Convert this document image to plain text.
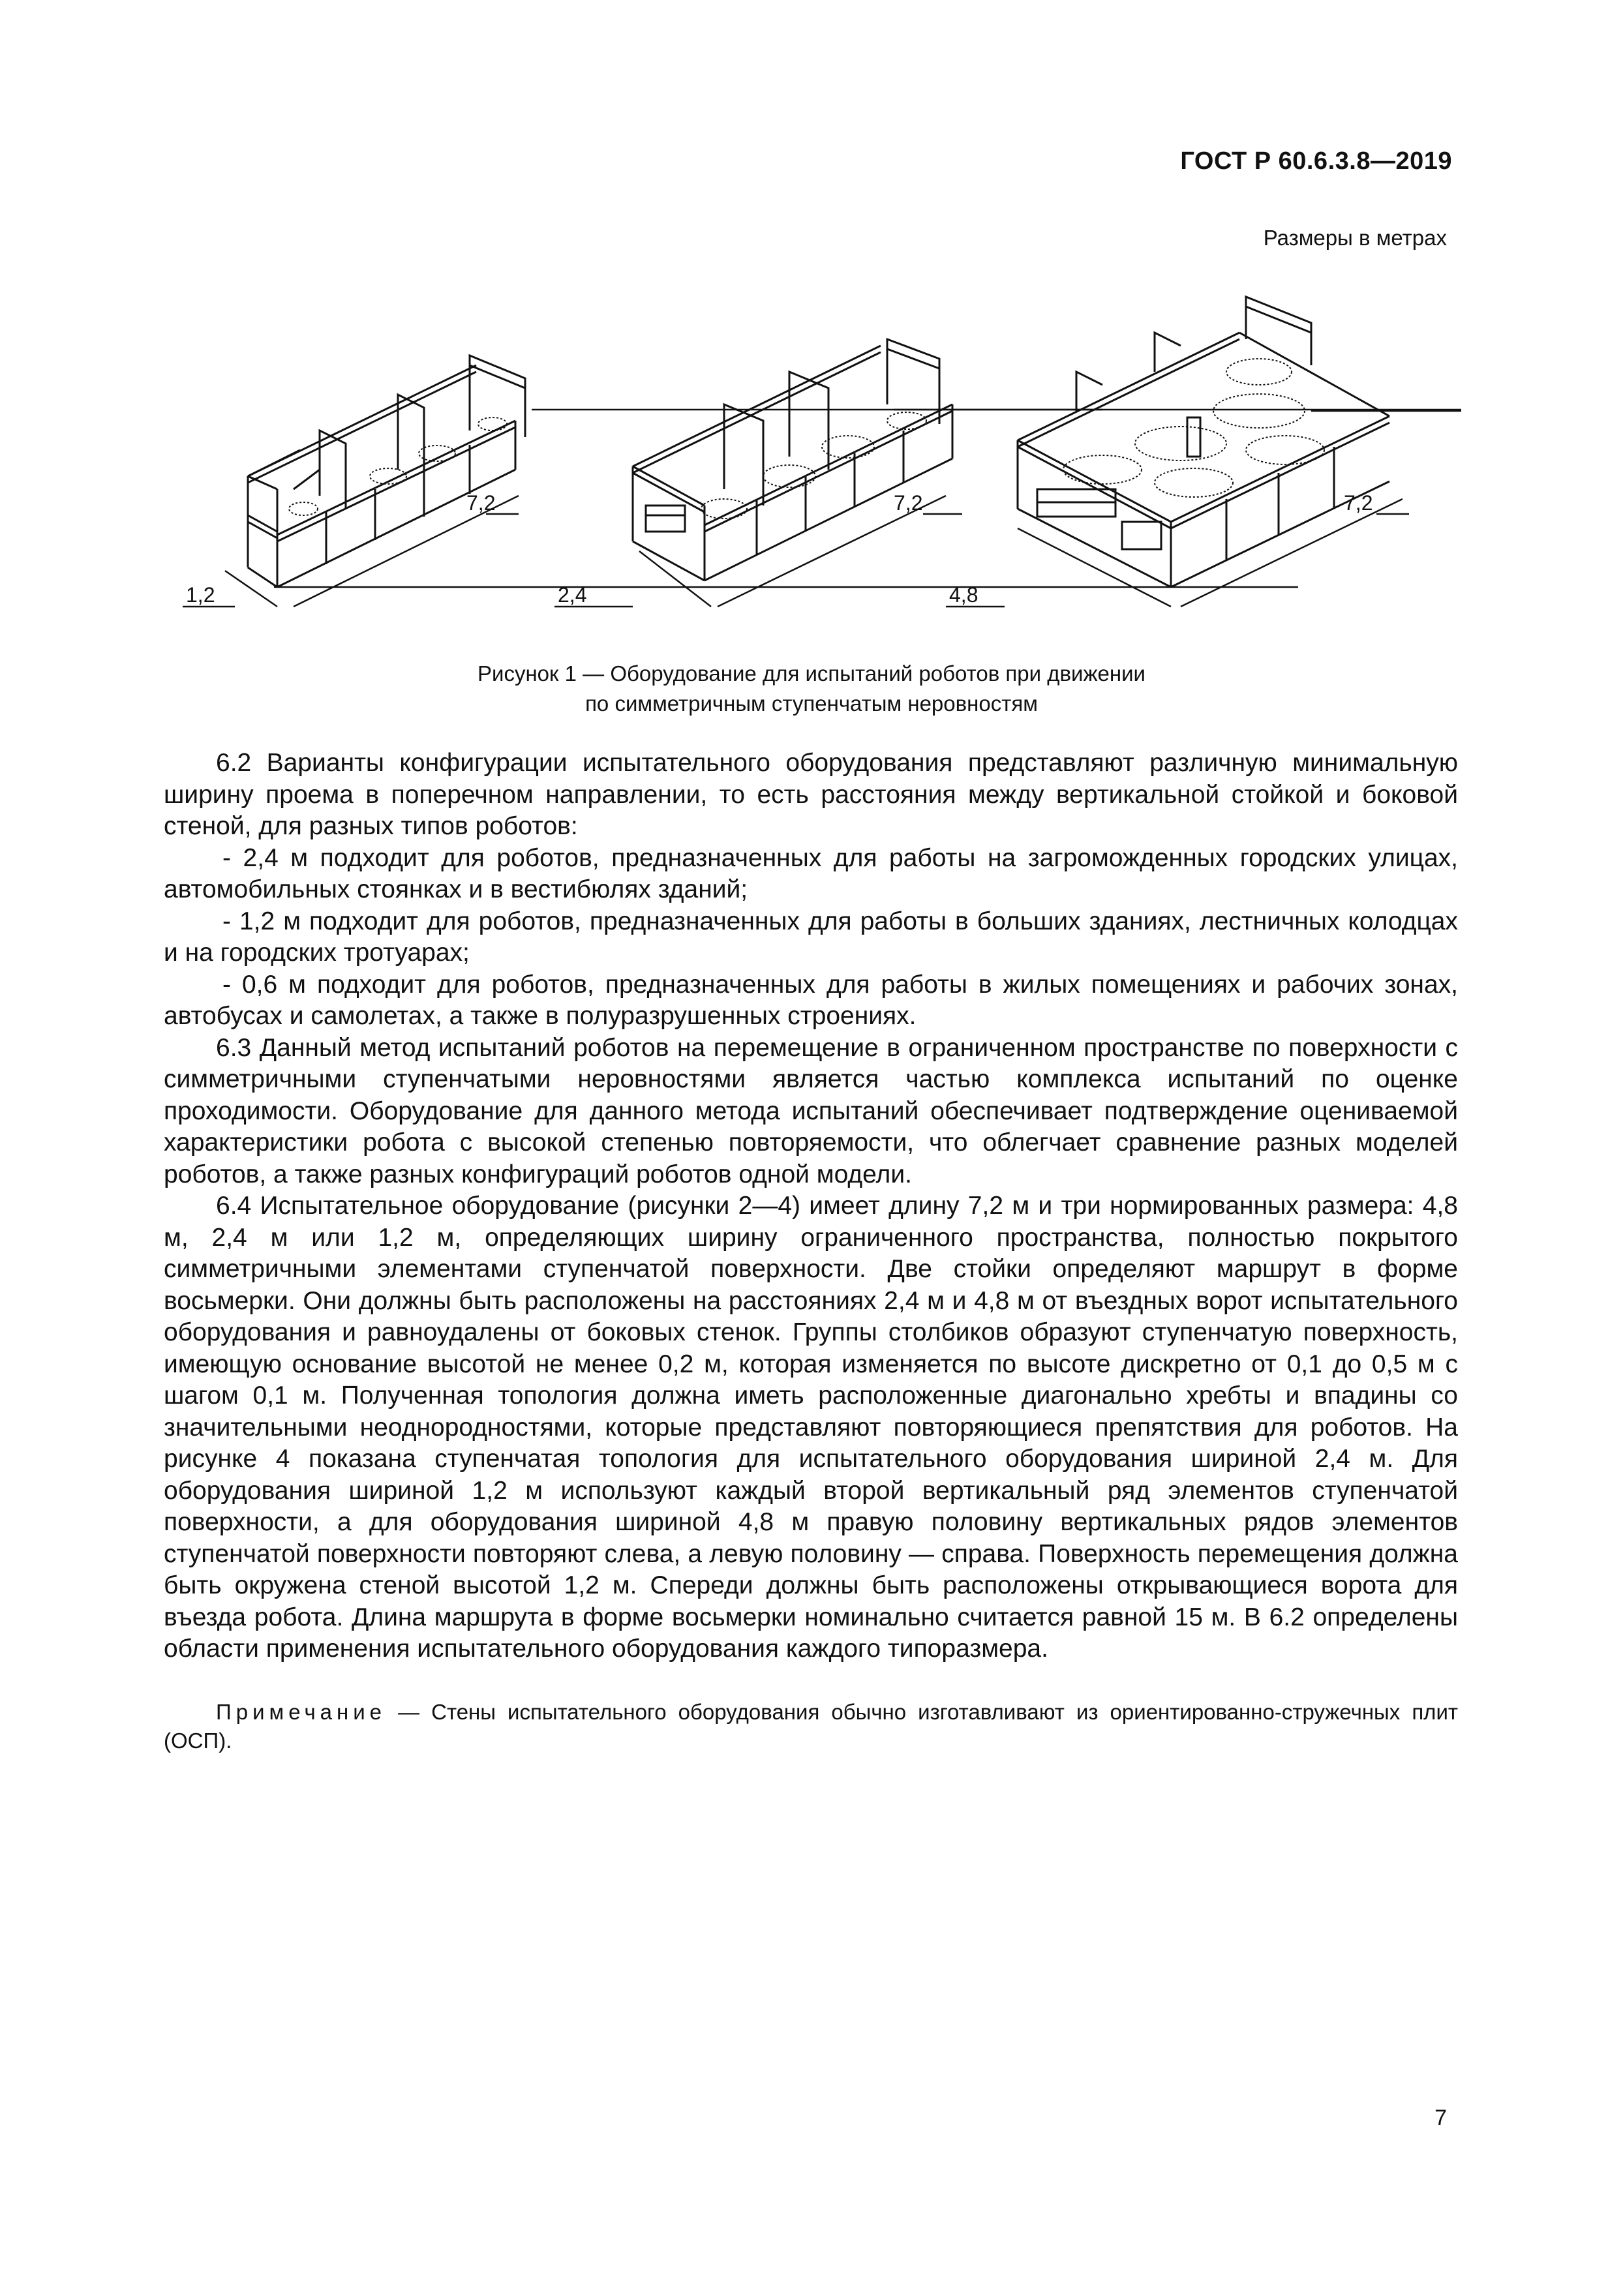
ГОСТ Р 60.6.3.8—2019
Размеры в метрах
1,2
7,2
2,4
7,2
4,8
7,2
Рисунок 1 — Оборудование для испытаний роботов при движении
по симметричным ступенчатым неровностям

6.2 Варианты конфигурации испытательного оборудования представляют различную минимальную ширину проема в поперечном направлении, то есть расстояния между вертикальной стойкой и боковой стеной, для разных типов роботов:

- 2,4 м подходит для роботов, предназначенных для работы на загроможденных городских улицах, автомобильных стоянках и в вестибюлях зданий;

- 1,2 м подходит для роботов, предназначенных для работы в больших зданиях, лестничных колодцах и на городских тротуарах;

- 0,6 м подходит для роботов, предназначенных для работы в жилых помещениях и рабочих зонах, автобусах и самолетах, а также в полуразрушенных строениях.

6.3 Данный метод испытаний роботов на перемещение в ограниченном пространстве по поверхности с симметричными ступенчатыми неровностями является частью комплекса испытаний по оценке проходимости. Оборудование для данного метода испытаний обеспечивает подтверждение оцениваемой характеристики робота с высокой степенью повторяемости, что облегчает сравнение разных моделей роботов, а также разных конфигураций роботов одной модели.

6.4 Испытательное оборудование (рисунки 2—4) имеет длину 7,2 м и три нормированных размера: 4,8 м, 2,4 м или 1,2 м, определяющих ширину ограниченного пространства, полностью покрытого симметричными элементами ступенчатой поверхности. Две стойки определяют маршрут в форме восьмерки. Они должны быть расположены на расстояниях 2,4 м и 4,8 м от въездных ворот испытательного оборудования и равноудалены от боковых стенок. Группы столбиков образуют ступенчатую поверхность, имеющую основание высотой не менее 0,2 м, которая изменяется по высоте дискретно от 0,1 до 0,5 м с шагом 0,1 м. Полученная топология должна иметь расположенные диагонально хребты и впадины со значительными неоднородностями, которые представляют повторяющиеся препятствия для роботов. На рисунке 4 показана ступенчатая топология для испытательного оборудования шириной 2,4 м. Для оборудования шириной 1,2 м используют каждый второй вертикальный ряд элементов ступенчатой поверхности, а для оборудования шириной 4,8 м правую половину вертикальных рядов элементов ступенчатой поверхности повторяют слева, а левую половину — справа. Поверхность перемещения должна быть окружена стеной высотой 1,2 м. Спереди должны быть расположены открывающиеся ворота для въезда робота. Длина маршрута в форме восьмерки номинально считается равной 15 м. В 6.2 определены области применения испытательного оборудования каждого типоразмера.

Примечание — Стены испытательного оборудования обычно изготавливают из ориентированно-стружечных плит (ОСП).

7
